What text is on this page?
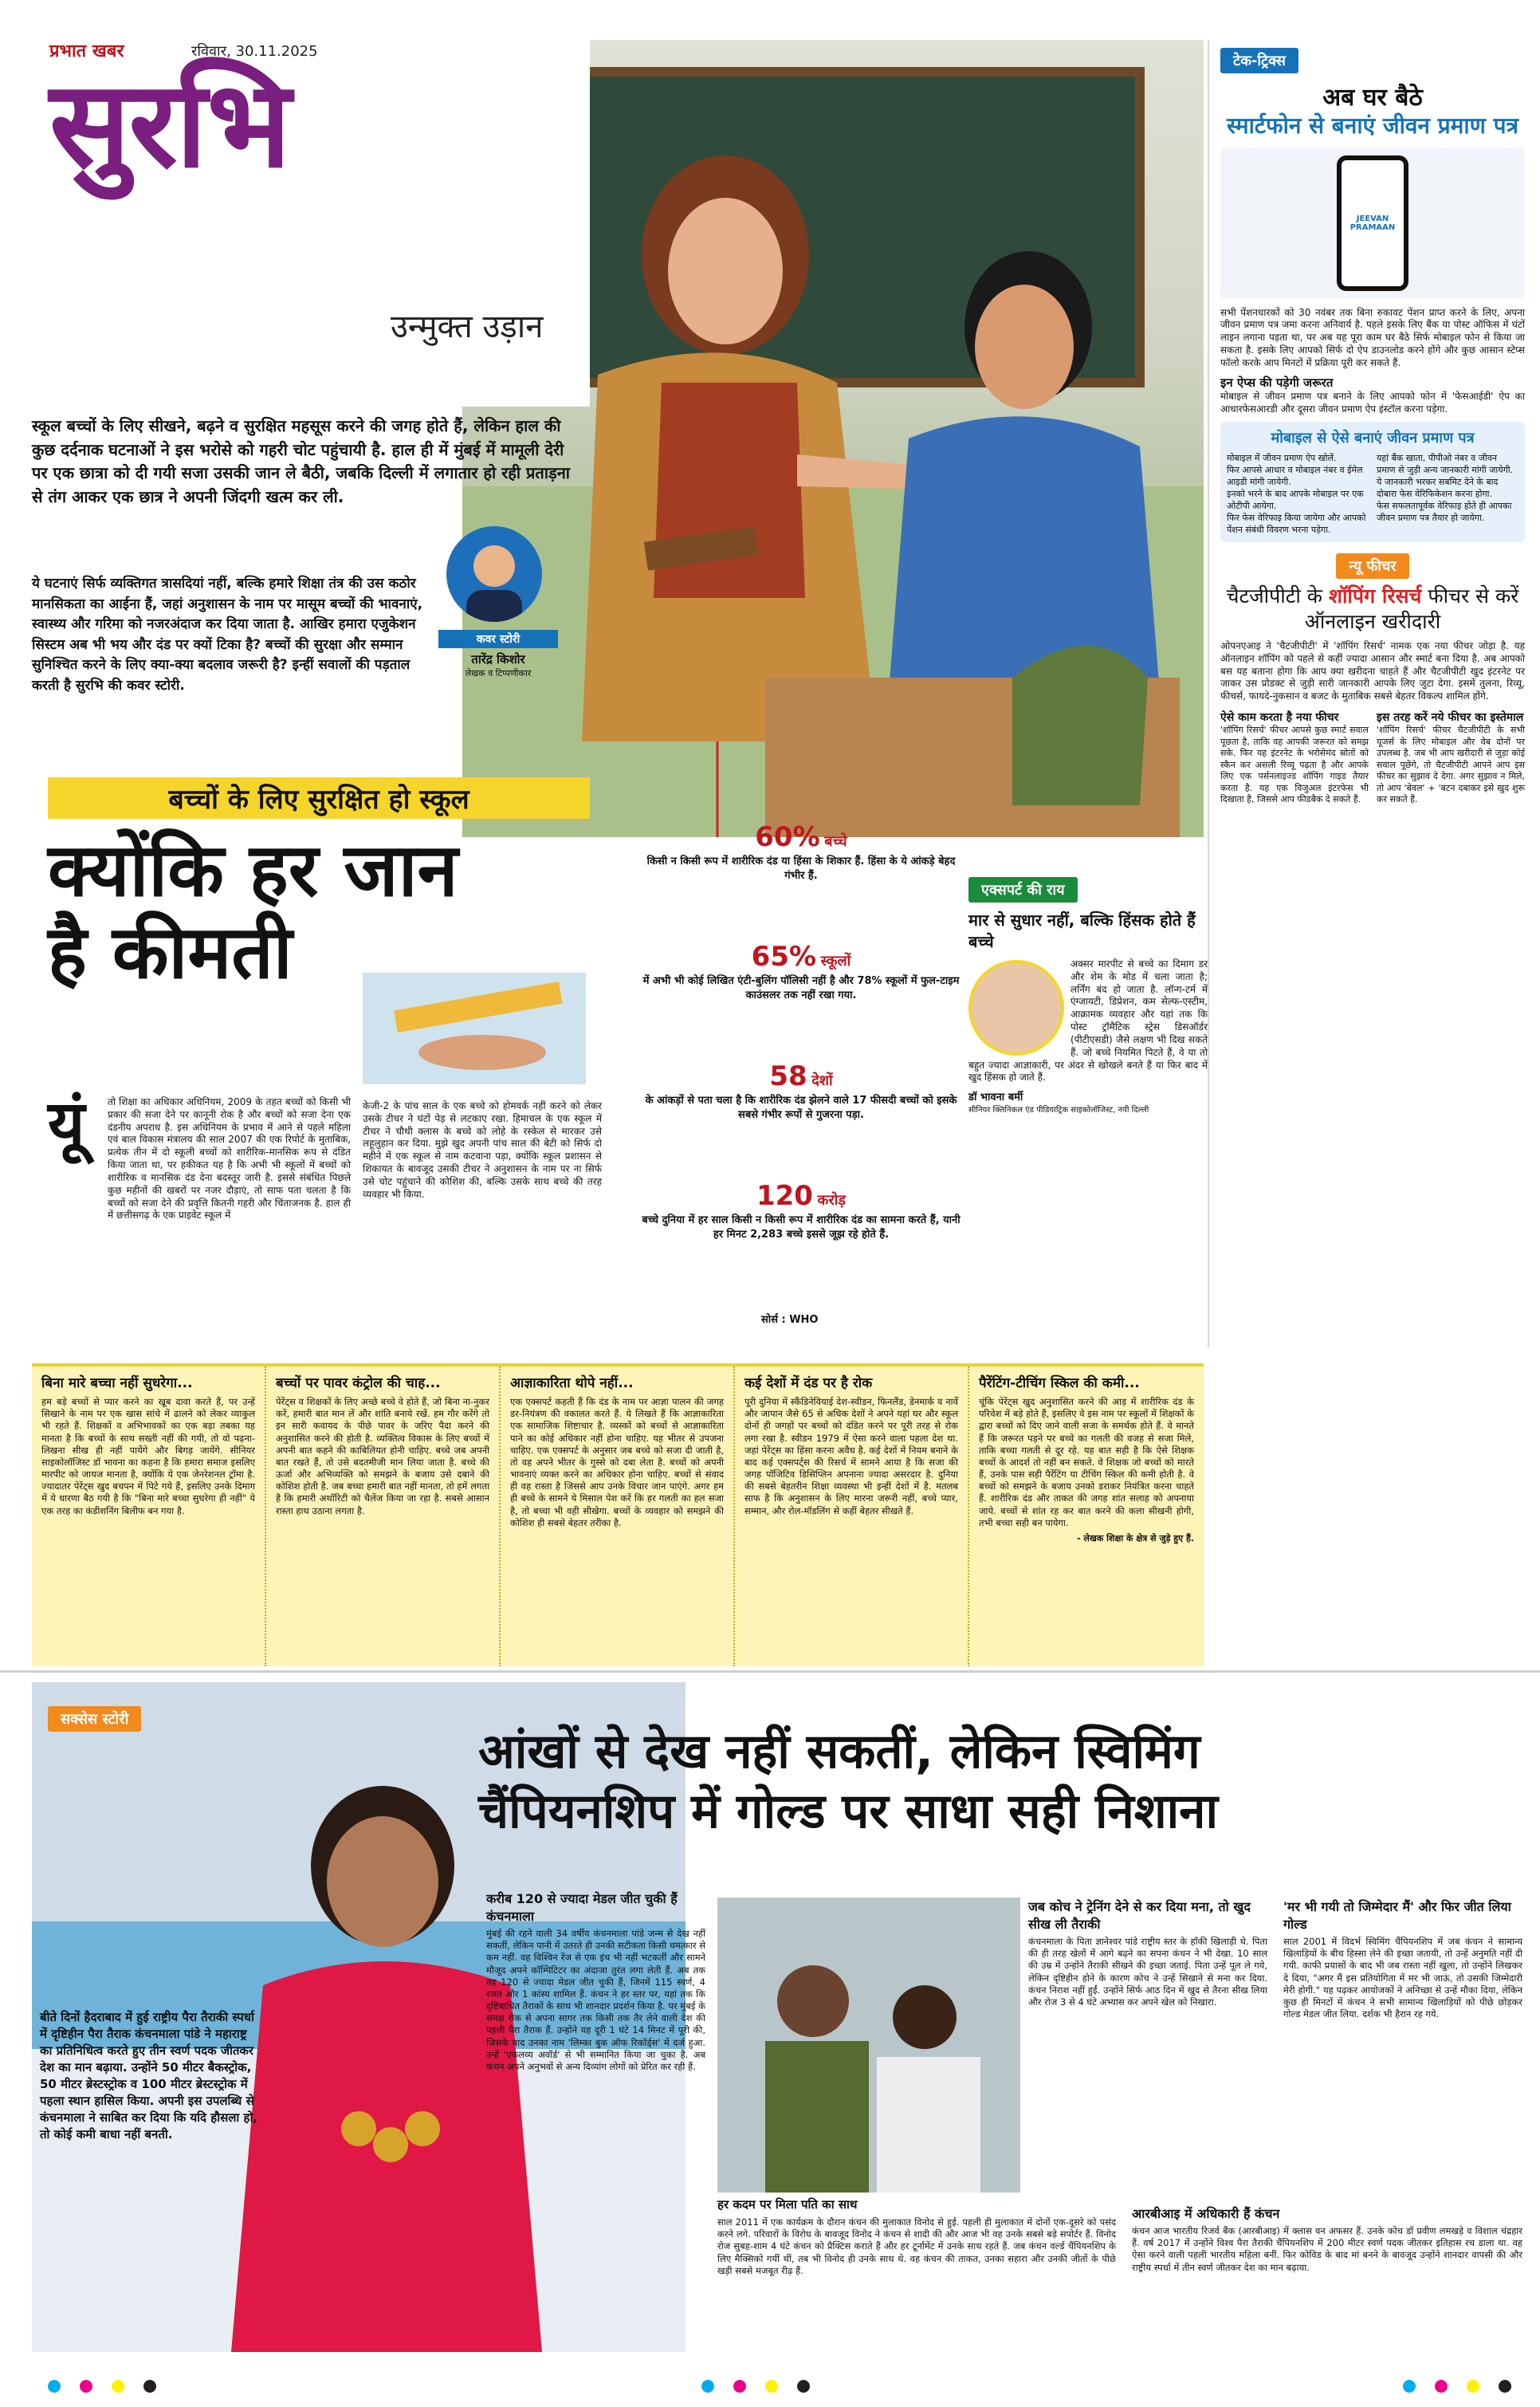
प्रभात खबर	रविवार, 30.11.2025
सुरभि
उन्मुक्त उड़ान

स्कूल बच्चों के लिए सीखने, बढ़ने व सुरक्षित महसूस करने की जगह होते हैं, लेकिन हाल की कुछ दर्दनाक घटनाओं ने इस भरोसे को गहरी चोट पहुंचायी है. हाल ही में मुंबई में मामूली देरी पर एक छात्रा को दी गयी सजा उसकी जान ले बैठी, जबकि दिल्ली में लगातार हो रही प्रताड़ना से तंग आकर एक छात्र ने अपनी जिंदगी खत्म कर ली.

ये घटनाएं सिर्फ व्यक्तिगत त्रासदियां नहीं, बल्कि हमारे शिक्षा तंत्र की उस कठोर मानसिकता का आईना हैं, जहां अनुशासन के नाम पर मासूम बच्चों की भावनाएं, स्वास्थ्य और गरिमा को नजरअंदाज कर दिया जाता है. आखिर हमारा एजुकेशन सिस्टम अब भी भय और दंड पर क्यों टिका है? बच्चों की सुरक्षा और सम्मान सुनिश्चित करने के लिए क्या-क्या बदलाव जरूरी है? इन्हीं सवालों की पड़ताल करती है सुरभि की कवर स्टोरी.

कवर स्टोरी
तारेंद्र किशोर
लेखक व टिप्पणीकार
बच्चों के लिए सुरक्षित हो स्कूल
क्योंकि हर जान
है कीमती
यूं तो शिक्षा का अधिकार अधिनियम, 2009 के तहत बच्चों को किसी भी प्रकार की सजा देने पर कानूनी रोक है और बच्चों को सजा देना एक दंडनीय अपराध है. इस अधिनियम के प्रभाव में आने से पहले महिला एवं बाल विकास मंत्रालय की साल 2007 की एक रिपोर्ट के मुताबिक, प्रत्येक तीन में दो स्कूली बच्चों को शारीरिक-मानसिक रूप से दंडित किया जाता था, पर हकीकत यह है कि अभी भी स्कूलों में बच्चों को शारीरिक व मानसिक दंड देना बदस्तूर जारी है. इससे संबंधित पिछले कुछ महीनों की खबरों पर नजर दौड़ाएं, तो साफ पता चलता है कि बच्चों को सजा देने की प्रवृत्ति कितनी गहरी और चिंताजनक है. हाल ही में छत्तीसगढ़ के एक प्राइवेट स्कूल में

केजी-2 के पांच साल के एक बच्चे को होमवर्क नहीं करने को लेकर उसके टीचर ने घंटों पेड़ से लटकाए रखा. हिमाचल के एक स्कूल में टीचर ने चौथी क्लास के बच्चे को लोहे के रस्केल से मारकर उसे लहूलुहान कर दिया. मुझे खुद अपनी पांच साल की बेटी को सिर्फ दो महीने में एक स्कूल से नाम कटवाना पड़ा, क्योंकि स्कूल प्रशासन से शिकायत के बावजूद उसकी टीचर ने अनुशासन के नाम पर ना सिर्फ उसे चोट पहुंचाने की कोशिश की, बल्कि उसके साथ बच्चे की तरह व्यवहार भी किया.

60% बच्चे

किसी न किसी रूप में शारीरिक दंड या हिंसा के शिकार हैं. हिंसा के ये आंकड़े बेहद गंभीर हैं.

65% स्कूलों

में अभी भी कोई लिखित एंटी-बुलिंग पॉलिसी नहीं है और 78% स्कूलों में फुल-टाइम काउंसलर तक नहीं रखा गया.

58 देशों

के आंकड़ों से पता चला है कि शारीरिक दंड झेलने वाले 17 फीसदी बच्चों को इसके सबसे गंभीर रूपों से गुजरना पड़ा.

120 करोड़

बच्चे दुनिया में हर साल किसी न किसी रूप में शारीरिक दंड का सामना करते हैं, यानी हर मिनट 2,283 बच्चे इससे जूझ रहे होते हैं.

सोर्स : WHO
एक्सपर्ट की राय
मार से सुधार नहीं, बल्कि हिंसक होते हैं बच्चे

अक्सर मारपीट से बच्चे का दिमाग डर और शेम के मोड में चला जाता है; लर्निंग बंद हो जाता है. लॉन्ग-टर्म में एंग्जायटी, डिप्रेशन, कम सेल्फ-एस्टीम, आक्रामक व्यवहार और यहां तक कि पोस्ट ट्रॉमैटिक स्ट्रेस डिसऑर्डर (पीटीएसडी) जैसे लक्षण भी दिख सकते हैं. जो बच्चे नियमित पिटते हैं, वे या तो बहुत ज्यादा आज्ञाकारी, पर अंदर से खोखले बनते हैं या फिर बाद में खुद हिंसक हो जाते हैं.

डॉ भावना बर्मी
सीनियर क्लिनिकल एंड पीडियाट्रिक साइकोलॉजिस्ट, नयी दिल्ली
टेक-ट्रिक्स
अब घर बैठे
स्मार्टफोन से बनाएं जीवन प्रमाण पत्र
JEEVAN PRAMAAN

सभी पेंशनधारकों को 30 नवंबर तक बिना रुकावट पेंशन प्राप्त करने के लिए, अपना जीवन प्रमाण पत्र जमा करना अनिवार्य है. पहले इसके लिए बैंक या पोस्ट ऑफिस में घंटों लाइन लगाना पड़ता था, पर अब यह पूरा काम घर बैठे सिर्फ मोबाइल फोन से किया जा सकता है. इसके लिए आपको सिर्फ दो ऐप डाउनलोड करने होंगे और कुछ आसान स्टेप्स फॉलो करके आप मिनटों में प्रक्रिया पूरी कर सकते हैं.

इन ऐप्स की पड़ेगी जरूरत

मोबाइल से जीवन प्रमाण पत्र बनाने के लिए आपको फोन में 'फेसआईडी' ऐप का आधारफेसआरडी और दूसरा जीवन प्रमाण ऐप इंस्टॉल करना पड़ेगा.

मोबाइल से ऐसे बनाएं जीवन प्रमाण पत्र
मोबाइल में जीवन प्रमाण ऐप खोलें.
फिर आपसे आधार व मोबाइल नंबर व ईमेल आइडी मांगी जायेगी.
इनको भरने के बाद आपके मोबाइल पर एक ओटीपी आयेगा.
फिर फेस वेरिफाइ किया जायेगा और आपको पेंशन संबंधी विवरण भरना पड़ेगा.
यहां बैंक खाता, पीपीओ नंबर व जीवन प्रमाण से जुड़ी अन्य जानकारी मांगी जायेगी.
ये जानकारी भरकर सबमिट देने के बाद दोबारा फेस वेरिफिकेशन करना होगा.
फेस सफलतापूर्वक वेरिफाइ होते ही आपका जीवन प्रमाण पत्र तैयार हो जायेगा.
न्यू फीचर
चैटजीपीटी के शॉपिंग रिसर्च फीचर से करें ऑनलाइन खरीदारी

ओपनएआइ ने 'चैटजीपीटी' में 'शॉपिंग रिसर्च' नामक एक नया फीचर जोड़ा है. यह ऑनलाइन शॉपिंग को पहले से कहीं ज्यादा आसान और स्मार्ट बना दिया है. अब आपको बस यह बताना होगा कि आप क्या खरीदना चाहते हैं और चैटजीपीटी खुद इंटरनेट पर जाकर उस प्रोडक्ट से जुड़ी सारी जानकारी आपके लिए जुटा देगा. इसमें तुलना, रिव्यू, फीचर्स, फायदे-नुकसान व बजट के मुताबिक सबसे बेहतर विकल्प शामिल होंगे.

ऐसे काम करता है नया फीचर

'शॉपिंग रिसर्च' फीचर आपसे कुछ स्मार्ट सवाल पूछता है, ताकि वह आपकी जरूरत को समझ सके. फिर यह इंटरनेट के भरोसेमंद स्रोतों को स्कैन कर असली रिव्यू पढ़ता है और आपके लिए एक पर्सनलाइज्ड शॉपिंग गाइड तैयार करता है. यह एक विजुअल इंटरफेस भी दिखाता है, जिससे आप फीडबैक दे सकते हैं.

इस तरह करें नये फीचर का इस्तेमाल

'शॉपिंग रिसर्च' फीचर चैटजीपीटी के सभी यूजर्स के लिए मोबाइल और वेब दोनों पर उपलब्ध है. जब भी आप खरीदारी से जुड़ा कोई सवाल पूछेंगे, तो चैटजीपीटी आपने आप इस फीचर का सुझाव दे देगा. अगर सुझाव न मिले, तो आप 'बेवल' + 'बटन दबाकर इसे खुद शुरू कर सकते हैं.

बिना मारे बच्चा नहीं सुधरेगा...

हम बड़े बच्चों से प्यार करने का खूब दावा करते हैं, पर उन्हें सिखाने के नाम पर एक खास सांचे में ढालने को लेकर व्याकुल भी रहते हैं. शिक्षकों व अभिभावकों का एक बड़ा तबका यह मानता है कि बच्चों के साथ सख्ती नहीं की गयी, तो वो पढ़ना-लिखना सीख ही नहीं पायेंगे और बिगड़ जायेंगे. सीनियर साइकोलॉजिस्ट डॉ भावना का कहना है कि हमारा समाज इसलिए मारपीट को जायज मानता है, क्योंकि ये एक जेनरेशनल ट्रॉमा है. ज्यादातर पेरेंट्स खुद बचपन में पिटे गये हैं, इसलिए उनके दिमाग में ये धारणा बैठ गयी है कि "बिना मारे बच्चा सुधरेगा ही नहीं" ये एक तरह का कंडीशनिंग बिलीफ बन गया है.

बच्चों पर पावर कंट्रोल की चाह...

पेरेंट्स व शिक्षकों के लिए अच्छे बच्चे वे होते हैं, जो बिना ना-नुकर करें, हमारी बात मान लें और शांति बनाये रखें. हम गौर करेंगे तो इन सारी कवायद के पीछे पावर के जरिए पैदा करने की अनुशासित करने की होती है. व्यक्तित्व विकास के लिए बच्चों में अपनी बात कहने की काबिलियत होनी चाहिए. बच्चे जब अपनी बात रखते हैं, तो उसे बदतमीजी मान लिया जाता है. बच्चे की ऊर्जा और अभिव्यक्ति को समझने के बजाय उसे दबाने की कोशिश होती है. जब बच्चा हमारी बात नहीं मानता, तो हमें लगता है कि हमारी अथॉरिटी को चैलेंज किया जा रहा है. सबसे आसान रास्ता हाथ उठाना लगता है.

आज्ञाकारिता थोपे नहीं...

एक एक्सपर्ट कहती हैं कि दंड के नाम पर आज्ञा पालन की जगह डर-नियंत्रण की वकालत करते हैं. ये लिखते हैं कि आज्ञाकारिता एक सामाजिक शिष्टाचार है. व्यस्कों को बच्चों से आज्ञाकारिता पाने का कोई अधिकार नहीं होना चाहिए. यह भीतर से उपजना चाहिए. एक एक्सपर्ट के अनुसार जब बच्चे को सजा दी जाती है, तो वह अपने भीतर के गुस्से को दबा लेता है. बच्चों को अपनी भावनाएं व्यक्त करने का अधिकार होना चाहिए. बच्चों से संवाद ही वह रास्ता है जिससे आप उनके विचार जान पाएंगे. अगर हम ही बच्चे के सामने ये मिसाल पेश करें कि हर गलती का हल सजा है, तो बच्चा भी वही सीखेगा. बच्चों के व्यवहार को समझने की कोशिश ही सबसे बेहतर तरीका है.

कई देशों में दंड पर है रोक

पूरी दुनिया में स्कैंडिनेवियाई देश-स्वीडन, फिनलैंड, डेनमार्क व नार्वे और जापान जैसे 65 से अधिक देशों ने अपने यहां घर और स्कूल दोनों ही जगहों पर बच्चों को दंडित करने पर पूरी तरह से रोक लगा रखा है. स्वीडन 1979 में ऐसा करने वाला पहला देश था. जहां पेरेंट्स का हिंसा करना अवैध है. कई देशों में नियम बनाने के बाद कई एक्सपर्ट्स की रिसर्च में सामने आया है कि सजा की जगह पॉजिटिव डिसिप्लिन अपनाना ज्यादा असरदार है. दुनिया की सबसे बेहतरीन शिक्षा व्यवस्था भी इन्हीं देशों में है. मतलब साफ है कि अनुशासन के लिए मारना जरूरी नहीं, बच्चे प्यार, सम्मान, और रोल-मॉडलिंग से कहीं बेहतर सीखते हैं.

पैरेंटिंग-टीचिंग स्किल की कमी...

चूंकि पेरेंट्स खुद अनुशासित करने की आड़ में शारीरिक दंड के परिवेश में बड़े होते हैं, इसलिए वे इस नाम पर स्कूलों में शिक्षकों के द्वारा बच्चों को दिए जाने वाली सजा के समर्थक होते हैं. वे मानते हैं कि जरूरत पड़ने पर बच्चे का गलती की वजह से सजा मिले, ताकि बच्चा गलती से दूर रहे. यह बात सही है कि ऐसे शिक्षक बच्चों के आदर्श तो नहीं बन सकते. वे शिक्षक जो बच्चों को मारते हैं, उनके पास सही पैरेंटिंग या टीचिंग स्किल की कमी होती है. वे बच्चों को समझने के बजाय उनको डराकर नियंत्रित करना चाहते हैं. शारीरिक दंड और ताकत की जगह शांत सलाह को अपनाया जाये. बच्चों से शांत रह कर बात करने की कला सीखनी होगी, तभी बच्चा सही बन पायेगा.

- लेखक शिक्षा के क्षेत्र से जुड़े हुए हैं.
सक्सेस स्टोरी
बीते दिनों हैदराबाद में हुई राष्ट्रीय पैरा तैराकी स्पर्धा में दृष्टिहीन पैरा तैराक कंचनमाला पांडे ने महाराष्ट्र का प्रतिनिधित्व करते हुए तीन स्वर्ण पदक जीतकर देश का मान बढ़ाया. उन्होंने 50 मीटर बैकस्ट्रोक, 50 मीटर ब्रेस्टस्ट्रोक व 100 मीटर ब्रेस्टस्ट्रोक में पहला स्थान हासिल किया. अपनी इस उपलब्धि से कंचनमाला ने साबित कर दिया कि यदि हौसला हो, तो कोई कमी बाधा नहीं बनती.
आंखों से देख नहीं सकतीं, लेकिन स्विमिंग
चैंपियनशिप में गोल्ड पर साधा सही निशाना
करीब 120 से ज्यादा मेडल जीत चुकी हैं कंचनमाला

मुंबई की रहने वाली 34 वर्षीय कंचनमाला पांडे जन्म से देख नहीं सकतीं, लेकिन पानी में उतरते ही उनकी सटीकता किसी चमत्कार से कम नहीं. वह विश्विन रेंज से एक इंच भी नहीं भटकतीं और सामने मौजूद अपने कॉम्पिटिटर का अंदाजा तुरंत लगा लेती हैं. अब तक वह 120 से ज्यादा मेडल जीत चुकी हैं, जिनमें 115 स्वर्ण, 4 रजत और 1 कांस्य शामिल हैं. कंचन ने हर स्तर पर, यहां तक कि दृष्टिबाधित तैराकों के साथ भी शानदार प्रदर्शन किया है. पर मुंबई के समक्ष रोक से अपना सागर तक किसी तक तैर लेने वाली देश की पहली पैरा तैराक हैं. उन्होंने यह दूरी 1 घंटे 14 मिनट में पूरी की, जिसके बाद उनका नाम 'लिम्का बुक ऑफ रिकॉर्ड्स' में दर्ज हुआ. उन्हें 'एकलव्य अवॉर्ड' से भी सम्मानित किया जा चुका है. अब कंचन अपने अनुभवों से अन्य दिव्यांग लोगों को प्रेरित कर रही हैं.

हर कदम पर मिला पति का साथ

साल 2011 में एक कार्यक्रम के दौरान कंचन की मुलाकात विनोद से हुई. पहली ही मुलाकात में दोनों एक-दूसरे को पसंद करने लगे. परिवारों के विरोध के बावजूद विनोद ने कंचन से शादी की और आज भी वह उनके सबसे बड़े सपोर्टर हैं. विनोद रोज सुबह-शाम 4 घंटे कंचन को प्रैक्टिस कराते हैं और हर टूर्नामेंट में उनके साथ रहते हैं. जब कंचन वर्ल्ड चैंपियनशिप के लिए मैक्सिको गयीं थीं, तब भी विनोद ही उनके साथ थे. वह कंचन की ताकत, उनका सहारा और उनकी जीतों के पीछे खड़ी सबसे मजबूत रीढ़ हैं.

जब कोच ने ट्रेनिंग देने से कर दिया मना, तो खुद सीख ली तैराकी

कंचनमाला के पिता ज्ञानेश्वर पांडे राष्ट्रीय स्तर के हॉकी खिलाड़ी थे. पिता की ही तरह खेलों में आगे बढ़ने का सपना कंचन ने भी देखा. 10 साल की उम्र में उन्होंने तैराकी सीखने की इच्छा जताई. पिता उन्हें पूल ले गये, लेकिन दृष्टिहीन होने के कारण कोच ने उन्हें सिखाने से मना कर दिया. कंचन निराश नहीं हुईं. उन्होंने सिर्फ आठ दिन में खुद से तैरना सीख लिया और रोज 3 से 4 घंटे अभ्यास कर अपने खेल को निखारा.

'मर भी गयी तो जिम्मेदार मैं' और फिर जीत लिया गोल्ड

साल 2001 में विदर्भ स्विमिंग चैंपियनशिप में जब कंचन ने सामान्य खिलाड़ियों के बीच हिस्सा लेने की इच्छा जतायी, तो उन्हें अनुमति नहीं दी गयी. काफी प्रयासों के बाद भी जब रास्ता नहीं खुला, तो उन्होंने लिखकर दे दिया, "अगर मैं इस प्रतियोगिता में मर भी जाऊं, तो उसकी जिम्मेदारी मेरी होगी." यह पढ़कर आयोजकों ने अनिच्छा से उन्हें मौका दिया, लेकिन कुछ ही मिनटों में कंचन ने सभी सामान्य खिलाड़ियों को पीछे छोड़कर गोल्ड मेडल जीत लिया. दर्शक भी हैरान रह गये.

आरबीआइ में अधिकारी हैं कंचन

कंचन आज भारतीय रिजर्व बैंक (आरबीआइ) में क्लास वन अफसर हैं. उनके कोच डॉ प्रवीण लमखड़े व विशाल चंद्रहार हैं. वर्ष 2017 में उन्होंने विश्व पैरा तैराकी चैंपियनशिप में 200 मीटर स्वर्ण पदक जीतकर इतिहास रच डाला था. वह ऐसा करने वाली पहली भारतीय महिला बनीं. फिर कोविड के बाद मां बनने के बावजूद उन्होंने शानदार वापसी की और राष्ट्रीय स्पर्धा में तीन स्वर्ण जीतकर देश का मान बढ़ाया.
